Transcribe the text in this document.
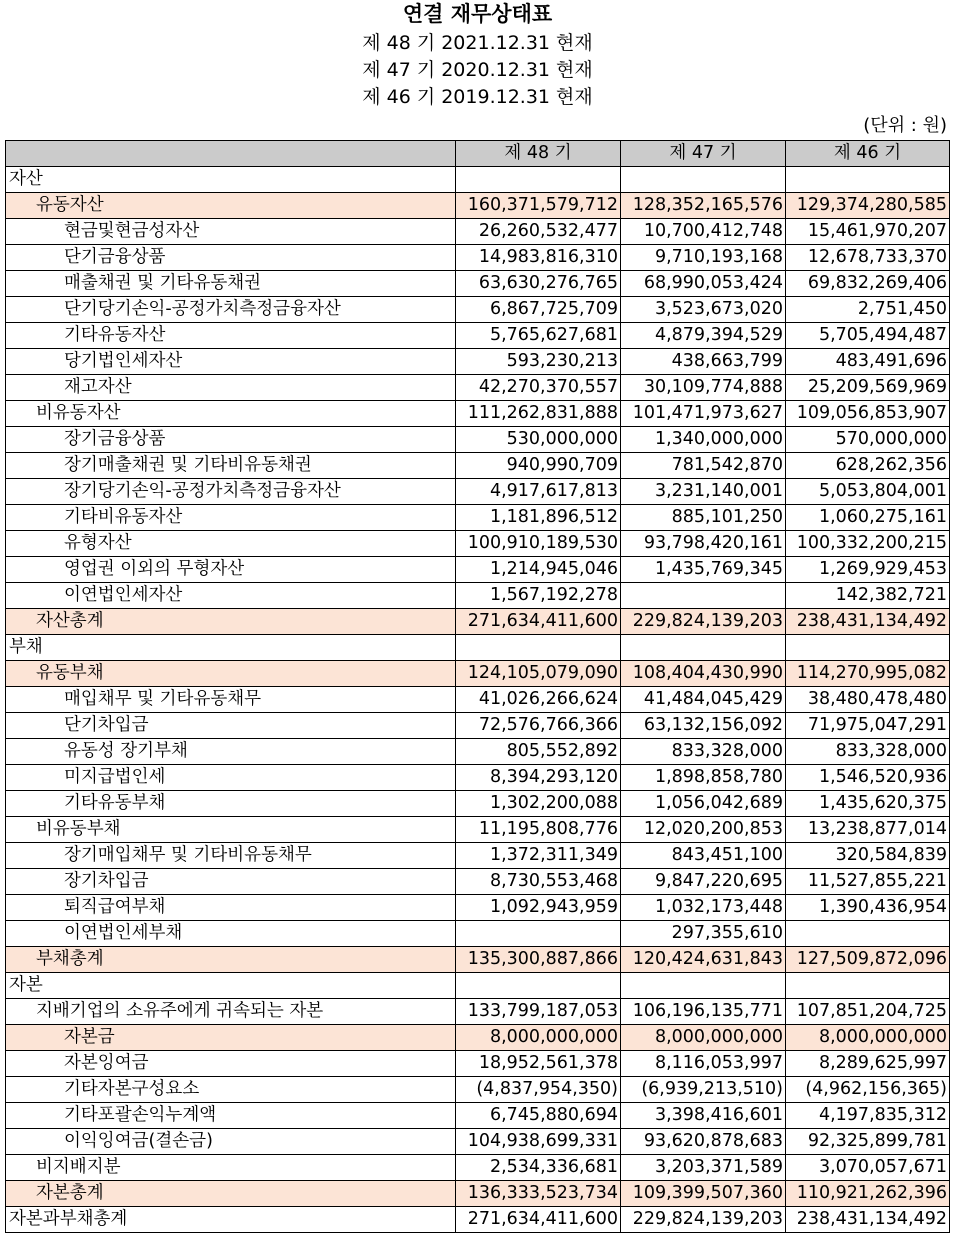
연결 재무상태표
제 48 기 2021.12.31 현재
제 47 기 2020.12.31 현재
제 46 기 2019.12.31 현재
(단위 : 원)
	제 48 기	제 47 기	제 46 기
자산			
유동자산	160,371,579,712	128,352,165,576	129,374,280,585
현금및현금성자산	26,260,532,477	10,700,412,748	15,461,970,207
단기금융상품	14,983,816,310	9,710,193,168	12,678,733,370
매출채권 및 기타유동채권	63,630,276,765	68,990,053,424	69,832,269,406
단기당기손익-공정가치측정금융자산	6,867,725,709	3,523,673,020	2,751,450
기타유동자산	5,765,627,681	4,879,394,529	5,705,494,487
당기법인세자산	593,230,213	438,663,799	483,491,696
재고자산	42,270,370,557	30,109,774,888	25,209,569,969
비유동자산	111,262,831,888	101,471,973,627	109,056,853,907
장기금융상품	530,000,000	1,340,000,000	570,000,000
장기매출채권 및 기타비유동채권	940,990,709	781,542,870	628,262,356
장기당기손익-공정가치측정금융자산	4,917,617,813	3,231,140,001	5,053,804,001
기타비유동자산	1,181,896,512	885,101,250	1,060,275,161
유형자산	100,910,189,530	93,798,420,161	100,332,200,215
영업권 이외의 무형자산	1,214,945,046	1,435,769,345	1,269,929,453
이연법인세자산	1,567,192,278		142,382,721
자산총계	271,634,411,600	229,824,139,203	238,431,134,492
부채			
유동부채	124,105,079,090	108,404,430,990	114,270,995,082
매입채무 및 기타유동채무	41,026,266,624	41,484,045,429	38,480,478,480
단기차입금	72,576,766,366	63,132,156,092	71,975,047,291
유동성 장기부채	805,552,892	833,328,000	833,328,000
미지급법인세	8,394,293,120	1,898,858,780	1,546,520,936
기타유동부채	1,302,200,088	1,056,042,689	1,435,620,375
비유동부채	11,195,808,776	12,020,200,853	13,238,877,014
장기매입채무 및 기타비유동채무	1,372,311,349	843,451,100	320,584,839
장기차입금	8,730,553,468	9,847,220,695	11,527,855,221
퇴직급여부채	1,092,943,959	1,032,173,448	1,390,436,954
이연법인세부채		297,355,610	
부채총계	135,300,887,866	120,424,631,843	127,509,872,096
자본			
지배기업의 소유주에게 귀속되는 자본	133,799,187,053	106,196,135,771	107,851,204,725
자본금	8,000,000,000	8,000,000,000	8,000,000,000
자본잉여금	18,952,561,378	8,116,053,997	8,289,625,997
기타자본구성요소	(4,837,954,350)	(6,939,213,510)	(4,962,156,365)
기타포괄손익누계액	6,745,880,694	3,398,416,601	4,197,835,312
이익잉여금(결손금)	104,938,699,331	93,620,878,683	92,325,899,781
비지배지분	2,534,336,681	3,203,371,589	3,070,057,671
자본총계	136,333,523,734	109,399,507,360	110,921,262,396
자본과부채총계	271,634,411,600	229,824,139,203	238,431,134,492
